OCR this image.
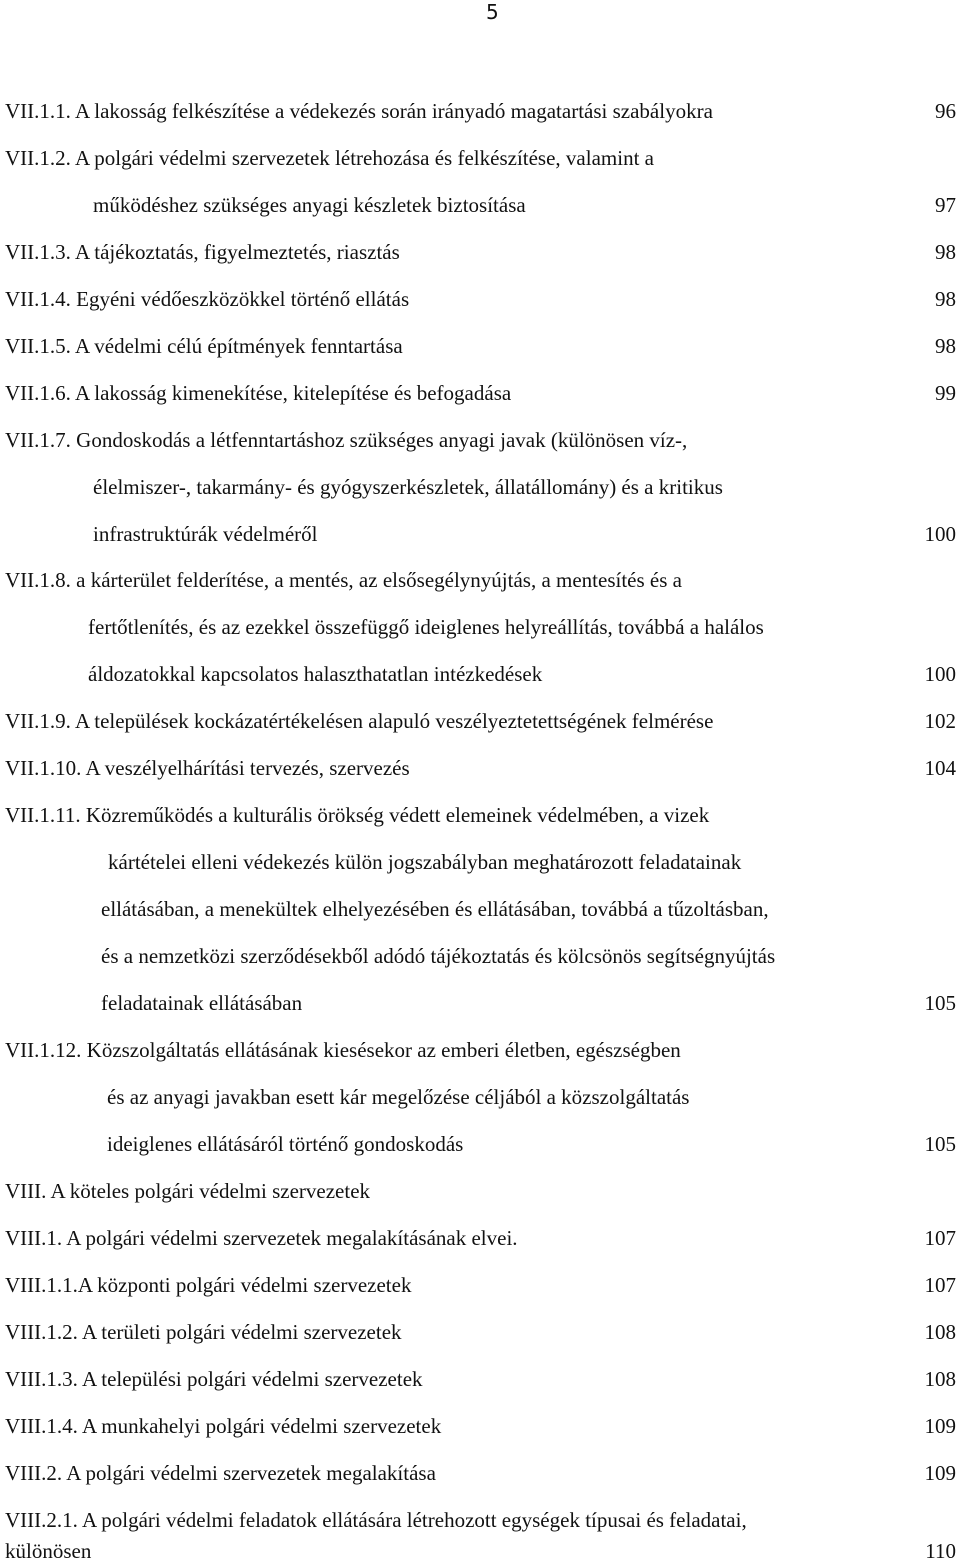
5
VII.1.1. A lakosság felkészítése a védekezés során irányadó magatartási szabályokra	96
VII.1.2. A polgári védelmi szervezetek létrehozása és felkészítése, valamint a
működéshez szükséges anyagi készletek biztosítása	97
VII.1.3. A tájékoztatás, figyelmeztetés, riasztás	98
VII.1.4. Egyéni védőeszközökkel történő ellátás	98
VII.1.5. A védelmi célú építmények fenntartása	98
VII.1.6. A lakosság kimenekítése, kitelepítése és befogadása	99
VII.1.7. Gondoskodás a létfenntartáshoz szükséges anyagi javak (különösen víz-,
élelmiszer-, takarmány- és gyógyszerkészletek, állatállomány) és a kritikus
infrastruktúrák védelméről	100
VII.1.8. a kárterület felderítése, a mentés, az elsősegélynyújtás, a mentesítés és a
fertőtlenítés, és az ezekkel összefüggő ideiglenes helyreállítás, továbbá a halálos
áldozatokkal kapcsolatos halaszthatatlan intézkedések	100
VII.1.9. A települések kockázatértékelésen alapuló veszélyeztetettségének felmérése	102
VII.1.10. A veszélyelhárítási tervezés, szervezés	104
VII.1.11. Közreműködés a kulturális örökség védett elemeinek védelmében, a vizek
kártételei elleni védekezés külön jogszabályban meghatározott feladatainak
ellátásában, a menekültek elhelyezésében és ellátásában, továbbá a tűzoltásban,
és a nemzetközi szerződésekből adódó tájékoztatás és kölcsönös segítségnyújtás
feladatainak ellátásában	105
VII.1.12. Közszolgáltatás ellátásának kiesésekor az emberi életben, egészségben
és az anyagi javakban esett kár megelőzése céljából a közszolgáltatás
ideiglenes ellátásáról történő gondoskodás	105
VIII. A köteles polgári védelmi szervezetek
VIII.1. A polgári védelmi szervezetek megalakításának elvei.	107
VIII.1.1.A központi polgári védelmi szervezetek	107
VIII.1.2. A területi polgári védelmi szervezetek	108
VIII.1.3. A települési polgári védelmi szervezetek	108
VIII.1.4. A munkahelyi polgári védelmi szervezetek	109
VIII.2. A polgári védelmi szervezetek megalakítása	109
VIII.2.1. A polgári védelmi feladatok ellátására létrehozott egységek típusai és feladatai,
különösen	110
